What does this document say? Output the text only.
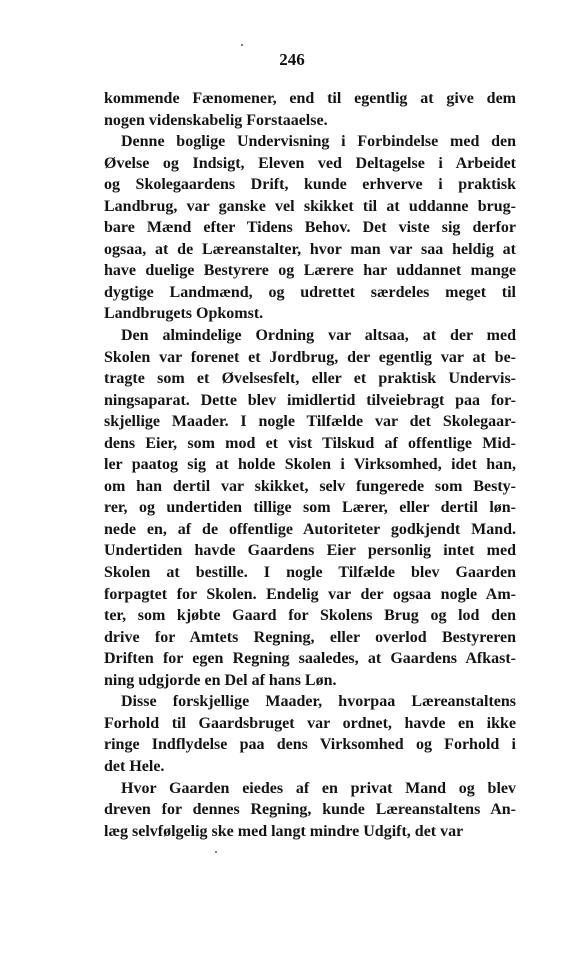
246

kommende Fænomener, end til egentlig at give dem
nogen videnskabelig Forstaaelse.

Denne boglige Undervisning i Forbindelse med den
Øvelse og Indsigt, Eleven ved Deltagelse i Arbeidet
og Skolegaardens Drift, kunde erhverve i praktisk
Landbrug, var ganske vel skikket til at uddanne brug-
bare Mænd efter Tidens Behov. Det viste sig derfor
ogsaa, at de Læreanstalter, hvor man var saa heldig at
have duelige Bestyrere og Lærere har uddannet mange
dygtige Landmænd, og udrettet særdeles meget til
Landbrugets Opkomst.

Den almindelige Ordning var altsaa, at der med
Skolen var forenet et Jordbrug, der egentlig var at be-
tragte som et Øvelsesfelt, eller et praktisk Undervis-
ningsaparat. Dette blev imidlertid tilveiebragt paa for-
skjellige Maader. I nogle Tilfælde var det Skolegaar-
dens Eier, som mod et vist Tilskud af offentlige Mid-
ler paatog sig at holde Skolen i Virksomhed, idet han,
om han dertil var skikket, selv fungerede som Besty-
rer, og undertiden tillige som Lærer, eller dertil løn-
nede en, af de offentlige Autoriteter godkjendt Mand.
Undertiden havde Gaardens Eier personlig intet med
Skolen at bestille. I nogle Tilfælde blev Gaarden
forpagtet for Skolen. Endelig var der ogsaa nogle Am-
ter, som kjøbte Gaard for Skolens Brug og lod den
drive for Amtets Regning, eller overlod Bestyreren
Driften for egen Regning saaledes, at Gaardens Afkast-
ning udgjorde en Del af hans Løn.

Disse forskjellige Maader, hvorpaa Læreanstaltens
Forhold til Gaardsbruget var ordnet, havde en ikke
ringe Indflydelse paa dens Virksomhed og Forhold i
det Hele.

Hvor Gaarden eiedes af en privat Mand og blev
dreven for dennes Regning, kunde Læreanstaltens An-
læg selvfølgelig ske med langt mindre Udgift, det var
